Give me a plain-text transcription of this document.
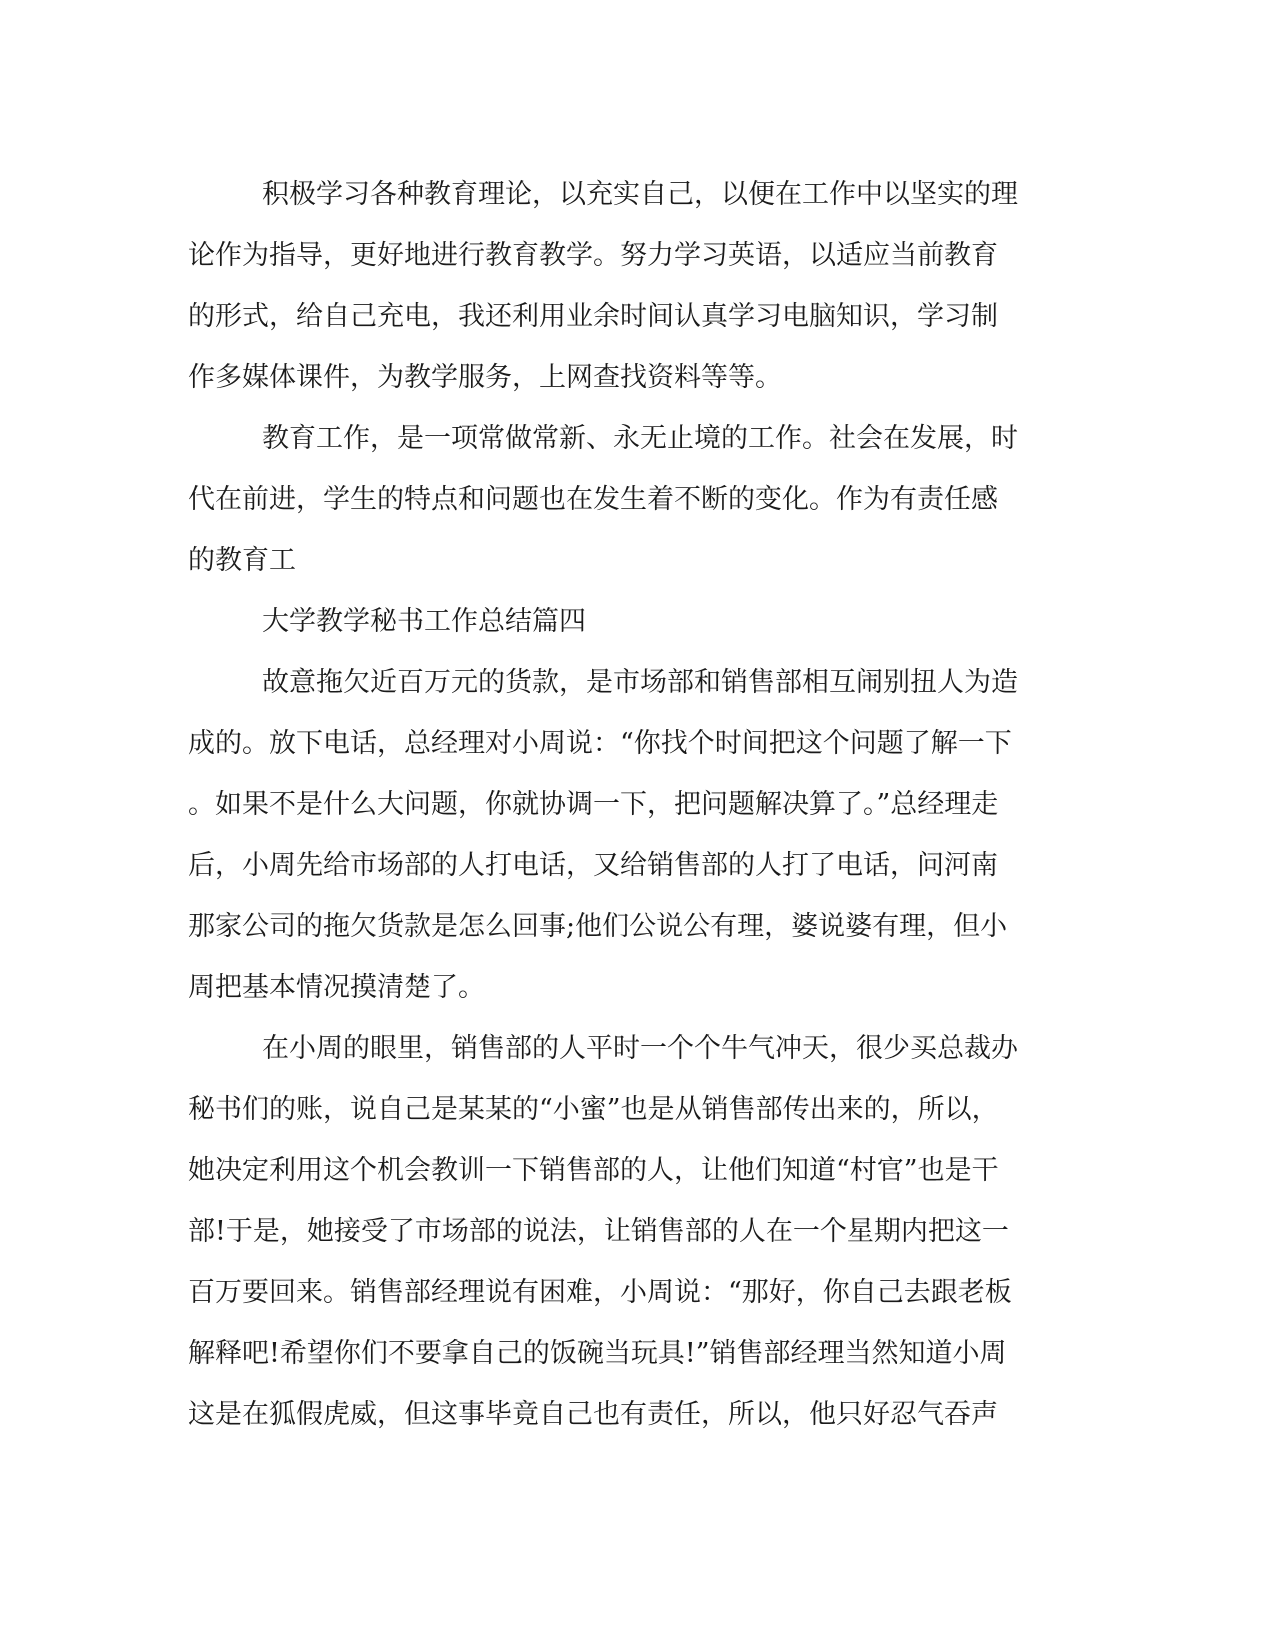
积极学习各种教育理论，以充实自己，以便在工作中以坚实的理
论作为指导，更好地进行教育教学。努力学习英语，以适应当前教育
的形式，给自己充电，我还利用业余时间认真学习电脑知识，学习制
作多媒体课件，为教学服务，上网查找资料等等。
教育工作，是一项常做常新、永无止境的工作。社会在发展，时
代在前进，学生的特点和问题也在发生着不断的变化。作为有责任感
的教育工
大学教学秘书工作总结篇四
故意拖欠近百万元的货款，是市场部和销售部相互闹别扭人为造
成的。放下电话，总经理对小周说：“你找个时间把这个问题了解一下
。如果不是什么大问题，你就协调一下，把问题解决算了。”总经理走
后，小周先给市场部的人打电话，又给销售部的人打了电话，问河南
那家公司的拖欠货款是怎么回事;他们公说公有理，婆说婆有理，但小
周把基本情况摸清楚了。
在小周的眼里，销售部的人平时一个个牛气冲天，很少买总裁办
秘书们的账，说自己是某某的“小蜜”也是从销售部传出来的，所以，
她决定利用这个机会教训一下销售部的人，让他们知道“村官”也是干
部!于是，她接受了市场部的说法，让销售部的人在一个星期内把这一
百万要回来。销售部经理说有困难，小周说：“那好，你自己去跟老板
解释吧!希望你们不要拿自己的饭碗当玩具!”销售部经理当然知道小周
这是在狐假虎威，但这事毕竟自己也有责任，所以，他只好忍气吞声
